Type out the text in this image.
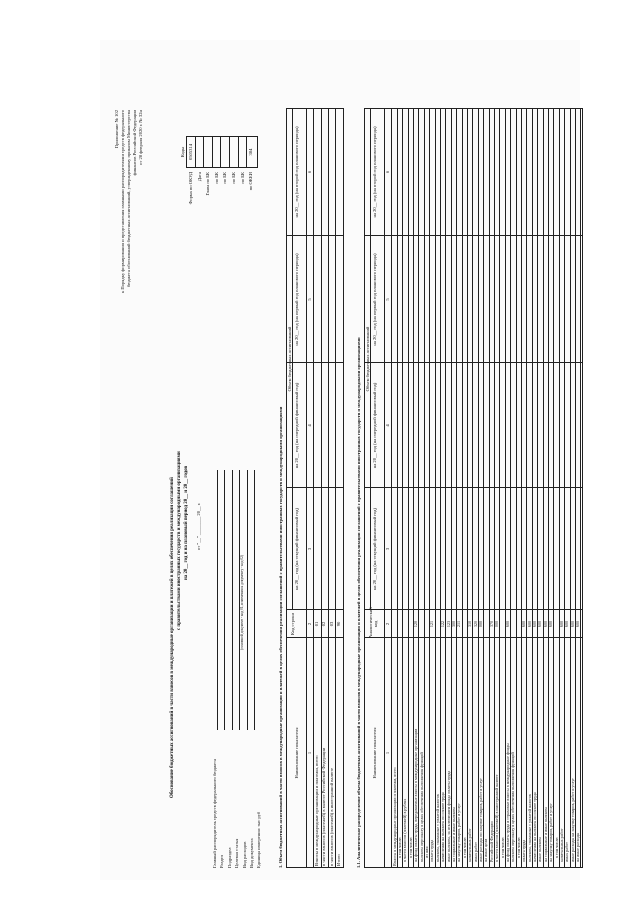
Приложение № 102 к Порядку формирования и представления главными распорядителями средств федерального бюджета обоснований бюджетных ассигнований, утвержденному приказом Министерства финансов Российской Федерации от 28 февраля 2020 г. № 32н
Обоснование бюджетных ассигнований в части взносов в международные организации и платежей в целях обеспечения реализации соглашений с правительствами иностранных государств и международными организациями на 20__ год и на плановый период 20__ и 20__ годов от "__" ________ 20__ г.
Коды
Форма по ОКУД
0505314
Дата Глава по БК по БК по БК по БК по БК по ОКЕИ
384
Главный распорядитель средств федерального бюджета Раздел Подраздел Целевая статья Вид расходов Вид документа Единица измерения: тыс руб
(основной документ - код 01, изменения к документу - код 02)	1. Объем бюджетных ассигнований в части взносов в международные организации и платежей в целях обеспечения реализации соглашений с правительствами иностранных государств и международными организациями Наименование показателя
Код строки
Объем бюджетных ассигнований
на 20__ год (на текущий финансовый год)
на 20__ год (на очередной финансовый год)
на 20__ год (на первый год планового периода)
на 20__ год (на второй год планового периода)
1
2
3
4
5
6
Взносы в международные организации и платежи, всего
01
в части взносов (платежей) в валюте Российской Федерации
02
в части взносов (платежей) в иностранной валюте
03
Итого
90	1.1. Аналитическое распределение объема бюджетных ассигнований в части взносов в международные организации и платежей в целях обеспечения реализации соглашений с правительствами иностранных государств и международными организациями Наименование показателя
Аналитический код
Объем бюджетных ассигнований
на 20__ год (на текущий финансовый год)
на 20__ год (на очередной финансовый год)
на 20__ год (на первый год планового периода)
на 20__ год (на второй год планового периода)
1
2
3
4
5
6
Взносы в международные организации и платежи, всего в том числе: в части взносов (платежей) в рублях в том числе: на фонд оплаты труда, передаваемые взносы в международные организации
120
выплаты персоналу в целях обеспечения выполнения функций из них: оплата труда
121
выплаты, связанные с уплатой налогов начисления на выплаты по оплате труда
122
иные выплаты, за исключением фонда оплаты труда
123
на социальные и иные выплаты
300
на закупку товаров, работ и услуг
211
в том числе: капитальных работ
310
иных работ
320
иные расходы по закупке товаров, работ и услуг
000
на иные цели Российской Федерации
370
в части взносов (платежей) в иностранной валюте
000
в том числе: на фонд оплаты труда и страховые взносы в международные фонды
600
выплаты персоналу в целях обеспечения выполнения функций в том числе: оплата труда
600
выплаты, связанные с уплатой налогов
600
начисления на выплаты по оплате труда
600
иные выплаты
600
на социальные и иные выплаты
600
на закупку товаров, работ и услуг
600
в том числе: капитальных работ
600
иных работ
600
иные расходы на закупку товаров, работ и услуг
600
на иные расходы
600
